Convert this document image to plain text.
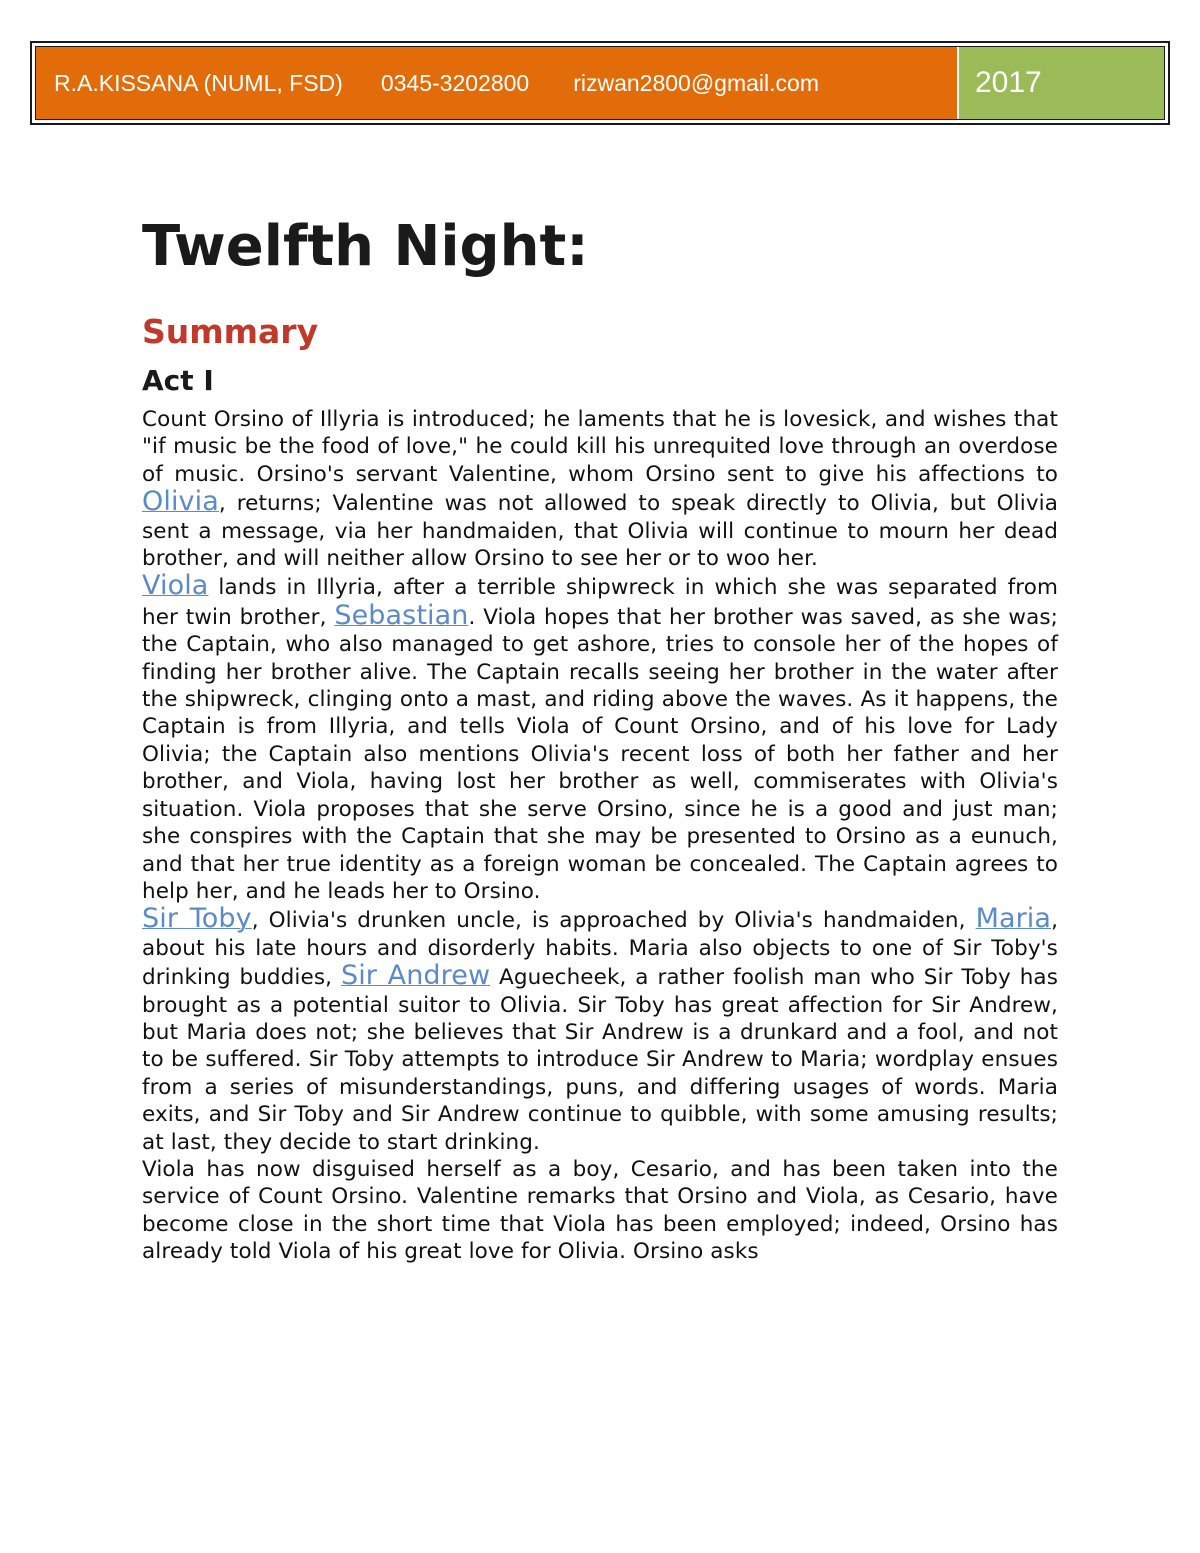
R.A.KISSANA (NUML, FSD) 0345-3202800 rizwan2800@gmail.com	2017
Twelfth Night:
Summary
Act I

Count Orsino of Illyria is introduced; he laments that he is lovesick, and wishes that "if music be the food of love," he could kill his unrequited love through an overdose of music. Orsino's servant Valentine, whom Orsino sent to give his affections to Olivia, returns; Valentine was not allowed to speak directly to Olivia, but Olivia sent a message, via her handmaiden, that Olivia will continue to mourn her dead brother, and will neither allow Orsino to see her or to woo her.

Viola lands in Illyria, after a terrible shipwreck in which she was separated from her twin brother, Sebastian. Viola hopes that her brother was saved, as she was; the Captain, who also managed to get ashore, tries to console her of the hopes of finding her brother alive. The Captain recalls seeing her brother in the water after the shipwreck, clinging onto a mast, and riding above the waves. As it happens, the Captain is from Illyria, and tells Viola of Count Orsino, and of his love for Lady Olivia; the Captain also mentions Olivia's recent loss of both her father and her brother, and Viola, having lost her brother as well, commiserates with Olivia's situation. Viola proposes that she serve Orsino, since he is a good and just man; she conspires with the Captain that she may be presented to Orsino as a eunuch, and that her true identity as a foreign woman be concealed. The Captain agrees to help her, and he leads her to Orsino.

Sir Toby, Olivia's drunken uncle, is approached by Olivia's handmaiden, Maria, about his late hours and disorderly habits. Maria also objects to one of Sir Toby's drinking buddies, Sir Andrew Aguecheek, a rather foolish man who Sir Toby has brought as a potential suitor to Olivia. Sir Toby has great affection for Sir Andrew, but Maria does not; she believes that Sir Andrew is a drunkard and a fool, and not to be suffered. Sir Toby attempts to introduce Sir Andrew to Maria; wordplay ensues from a series of misunderstandings, puns, and differing usages of words. Maria exits, and Sir Toby and Sir Andrew continue to quibble, with some amusing results; at last, they decide to start drinking.

Viola has now disguised herself as a boy, Cesario, and has been taken into the service of Count Orsino. Valentine remarks that Orsino and Viola, as Cesario, have become close in the short time that Viola has been employed; indeed, Orsino has already told Viola of his great love for Olivia. Orsino asks
